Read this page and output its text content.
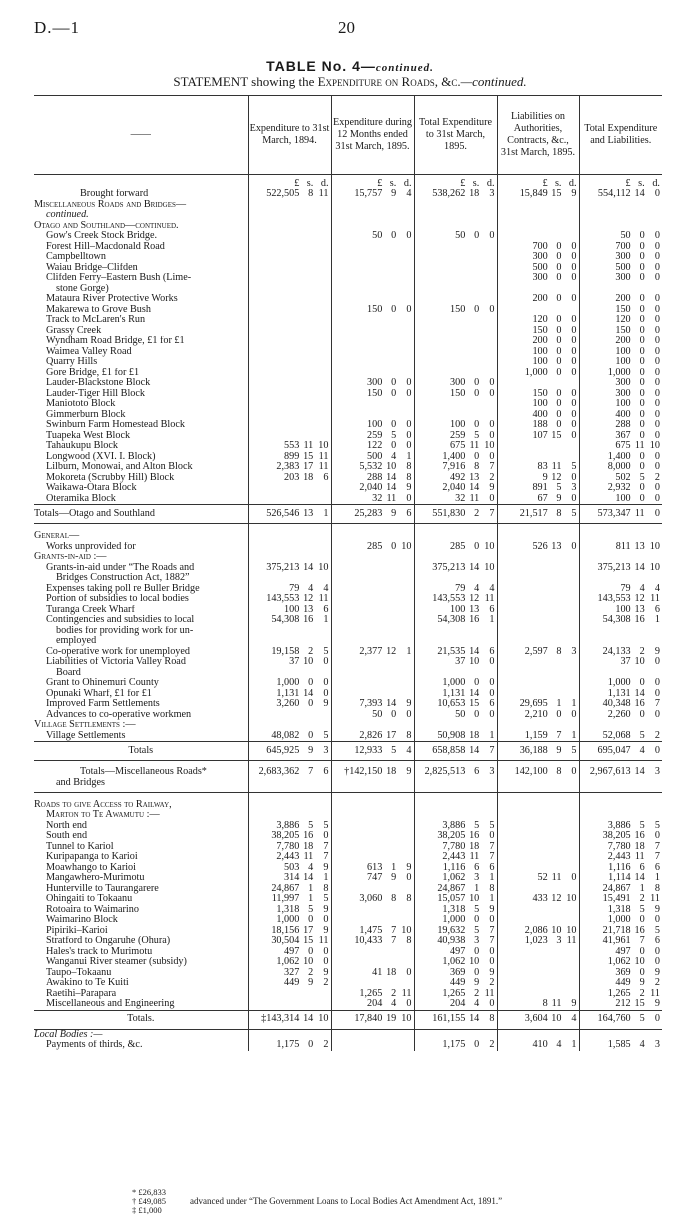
D.—1	20
TABLE No. 4—continued.
STATEMENT showing the Expenditure on Roads, &c.—continued.
——	Expenditure to 31st March, 1894.	Expenditure during 12 Months ended 31st March, 1895.	Total Expenditure to 31st March, 1895.	Liabilities on Authorities, Contracts, &c., 31st March, 1895.	Total Expenditure and Liabilities.

	£ s. d.	£ s. d.	£ s. d.	£ s. d.	£ s. d.

Brought forward	522,505 8 11	15,757 9 4	538,262 18 3	15,849 15 9	554,112 14 0

Miscellaneous Roads and Bridges—					
continued.					
Otago and Southland—continued.					
Gow's Creek Stock Bridge.		50 0 0	50 0 0		50 0 0

Forest Hill–Macdonald Road				700 0 0	700 0 0

Campbelltown				300 0 0	300 0 0

Waiau Bridge–Clifden				500 0 0	500 0 0

Clifden Ferry–Eastern Bush (Lime-				300 0 0	300 0 0

stone Gorge)					
Mataura River Protective Works				200 0 0	200 0 0

Makarewa to Grove Bush		150 0 0	150 0 0		150 0 0

Track to McLaren's Run				120 0 0	120 0 0

Grassy Creek				150 0 0	150 0 0

Wyndham Road Bridge, £1 for £1				200 0 0	200 0 0

Waimea Valley Road				100 0 0	100 0 0

Quarry Hills				100 0 0	100 0 0

Gore Bridge, £1 for £1				1,000 0 0	1,000 0 0

Lauder-Blackstone Block		300 0 0	300 0 0		300 0 0

Lauder-Tiger Hill Block		150 0 0	150 0 0	150 0 0	300 0 0

Maniototo Block				100 0 0	100 0 0

Gimmerburn Block				400 0 0	400 0 0

Swinburn Farm Homestead Block		100 0 0	100 0 0	188 0 0	288 0 0

Tuapeka West Block		259 5 0	259 5 0	107 15 0	367 0 0

Tahaukupu Block	553 11 10	122 0 0	675 11 10		675 11 10

Longwood (XVI. I. Block)	899 15 11	500 4 1	1,400 0 0		1,400 0 0

Lilburn, Monowai, and Alton Block	2,383 17 11	5,532 10 8	7,916 8 7	83 11 5	8,000 0 0

Mokoreta (Scrubby Hill) Block	203 18 6	288 14 8	492 13 2	9 12 0	502 5 2

Waikawa-Otara Block		2,040 14 9	2,040 14 9	891 5 3	2,932 0 0

Oteramika Block		32 11 0	32 11 0	67 9 0	100 0 0

Totals—Otago and Southland	526,546 13 1	25,283 9 6	551,830 2 7	21,517 8 5	573,347 11 0

General—					
Works unprovided for		285 0 10	285 0 10	526 13 0	811 13 10

Grants-in-aid :—					
Grants-in-aid under “The Roads and	375,213 14 10		375,213 14 10		375,213 14 10

Bridges Construction Act, 1882”					
Expenses taking poll re Buller Bridge	79 4 4		79 4 4		79 4 4

Portion of subsidies to local bodies	143,553 12 11		143,553 12 11		143,553 12 11

Turanga Creek Wharf	100 13 6		100 13 6		100 13 6

Contingencies and subsidies to local	54,308 16 1		54,308 16 1		54,308 16 1

bodies for providing work for un-					
employed					
Co-operative work for unemployed	19,158 2 5	2,377 12 1	21,535 14 6	2,597 8 3	24,133 2 9

Liabilities of Victoria Valley Road	37 10 0		37 10 0		37 10 0

Board					
Grant to Ohinemuri County	1,000 0 0		1,000 0 0		1,000 0 0

Opunaki Wharf, £1 for £1	1,131 14 0		1,131 14 0		1,131 14 0

Improved Farm Settlements	3,260 0 9	7,393 14 9	10,653 15 6	29,695 1 1	40,348 16 7

Advances to co-operative workmen		50 0 0	50 0 0	2,210 0 0	2,260 0 0

Village Settlements :—					
Village Settlements	48,082 0 5	2,826 17 8	50,908 18 1	1,159 7 1	52,068 5 2

Totals	645,925 9 3	12,933 5 4	658,858 14 7	36,188 9 5	695,047 4 0

Totals—Miscellaneous Roads*	2,683,362 7 6	†142,150 18 9	2,825,513 6 3	142,100 8 0	2,967,613 14 3

and Bridges					

Roads to give Access to Railway,					
Marton to Te Awamutu :—					
North end	3,886 5 5		3,886 5 5		3,886 5 5

South end	38,205 16 0		38,205 16 0		38,205 16 0

Tunnel to Kariol	7,780 18 7		7,780 18 7		7,780 18 7

Kuripapanga to Karioi	2,443 11 7		2,443 11 7		2,443 11 7

Moawhango to Karioi	503 4 9	613 1 9	1,116 6 6		1,116 6 6

Mangawhero-Murimotu	314 14 1	747 9 0	1,062 3 1	52 11 0	1,114 14 1

Hunterville to Taurangarere	24,867 1 8		24,867 1 8		24,867 1 8

Ohingaiti to Tokaanu	11,997 1 5	3,060 8 8	15,057 10 1	433 12 10	15,491 2 11

Rotoaira to Waimarino	1,318 5 9		1,318 5 9		1,318 5 9

Waimarino Block	1,000 0 0		1,000 0 0		1,000 0 0

Pipiriki–Karioi	18,156 17 9	1,475 7 10	19,632 5 7	2,086 10 10	21,718 16 5

Stratford to Ongaruhe (Ohura)	30,504 15 11	10,433 7 8	40,938 3 7	1,023 3 11	41,961 7 6

Hales's track to Murimotu	497 0 0		497 0 0		497 0 0

Wanganui River steamer (subsidy)	1,062 10 0		1,062 10 0		1,062 10 0

Taupo–Tokaanu	327 2 9	41 18 0	369 0 9		369 0 9

Awakino to Te Kuiti	449 9 2		449 9 2		449 9 2

Raetihi–Parapara		1,265 2 11	1,265 2 11		1,265 2 11

Miscellaneous and Engineering		204 4 0	204 4 0	8 11 9	212 15 9

Totals.	‡143,314 14 10	17,840 19 10	161,155 14 8	3,604 10 4	164,760 5 0

Local Bodies :—					
Payments of thirds, &c.	1,175 0 2		1,175 0 2	410 4 1	1,585 4 3
* £26,833
† £49,085
‡ £1,000
advanced under “The Government Loans to Local Bodies Act Amendment Act, 1891.”
